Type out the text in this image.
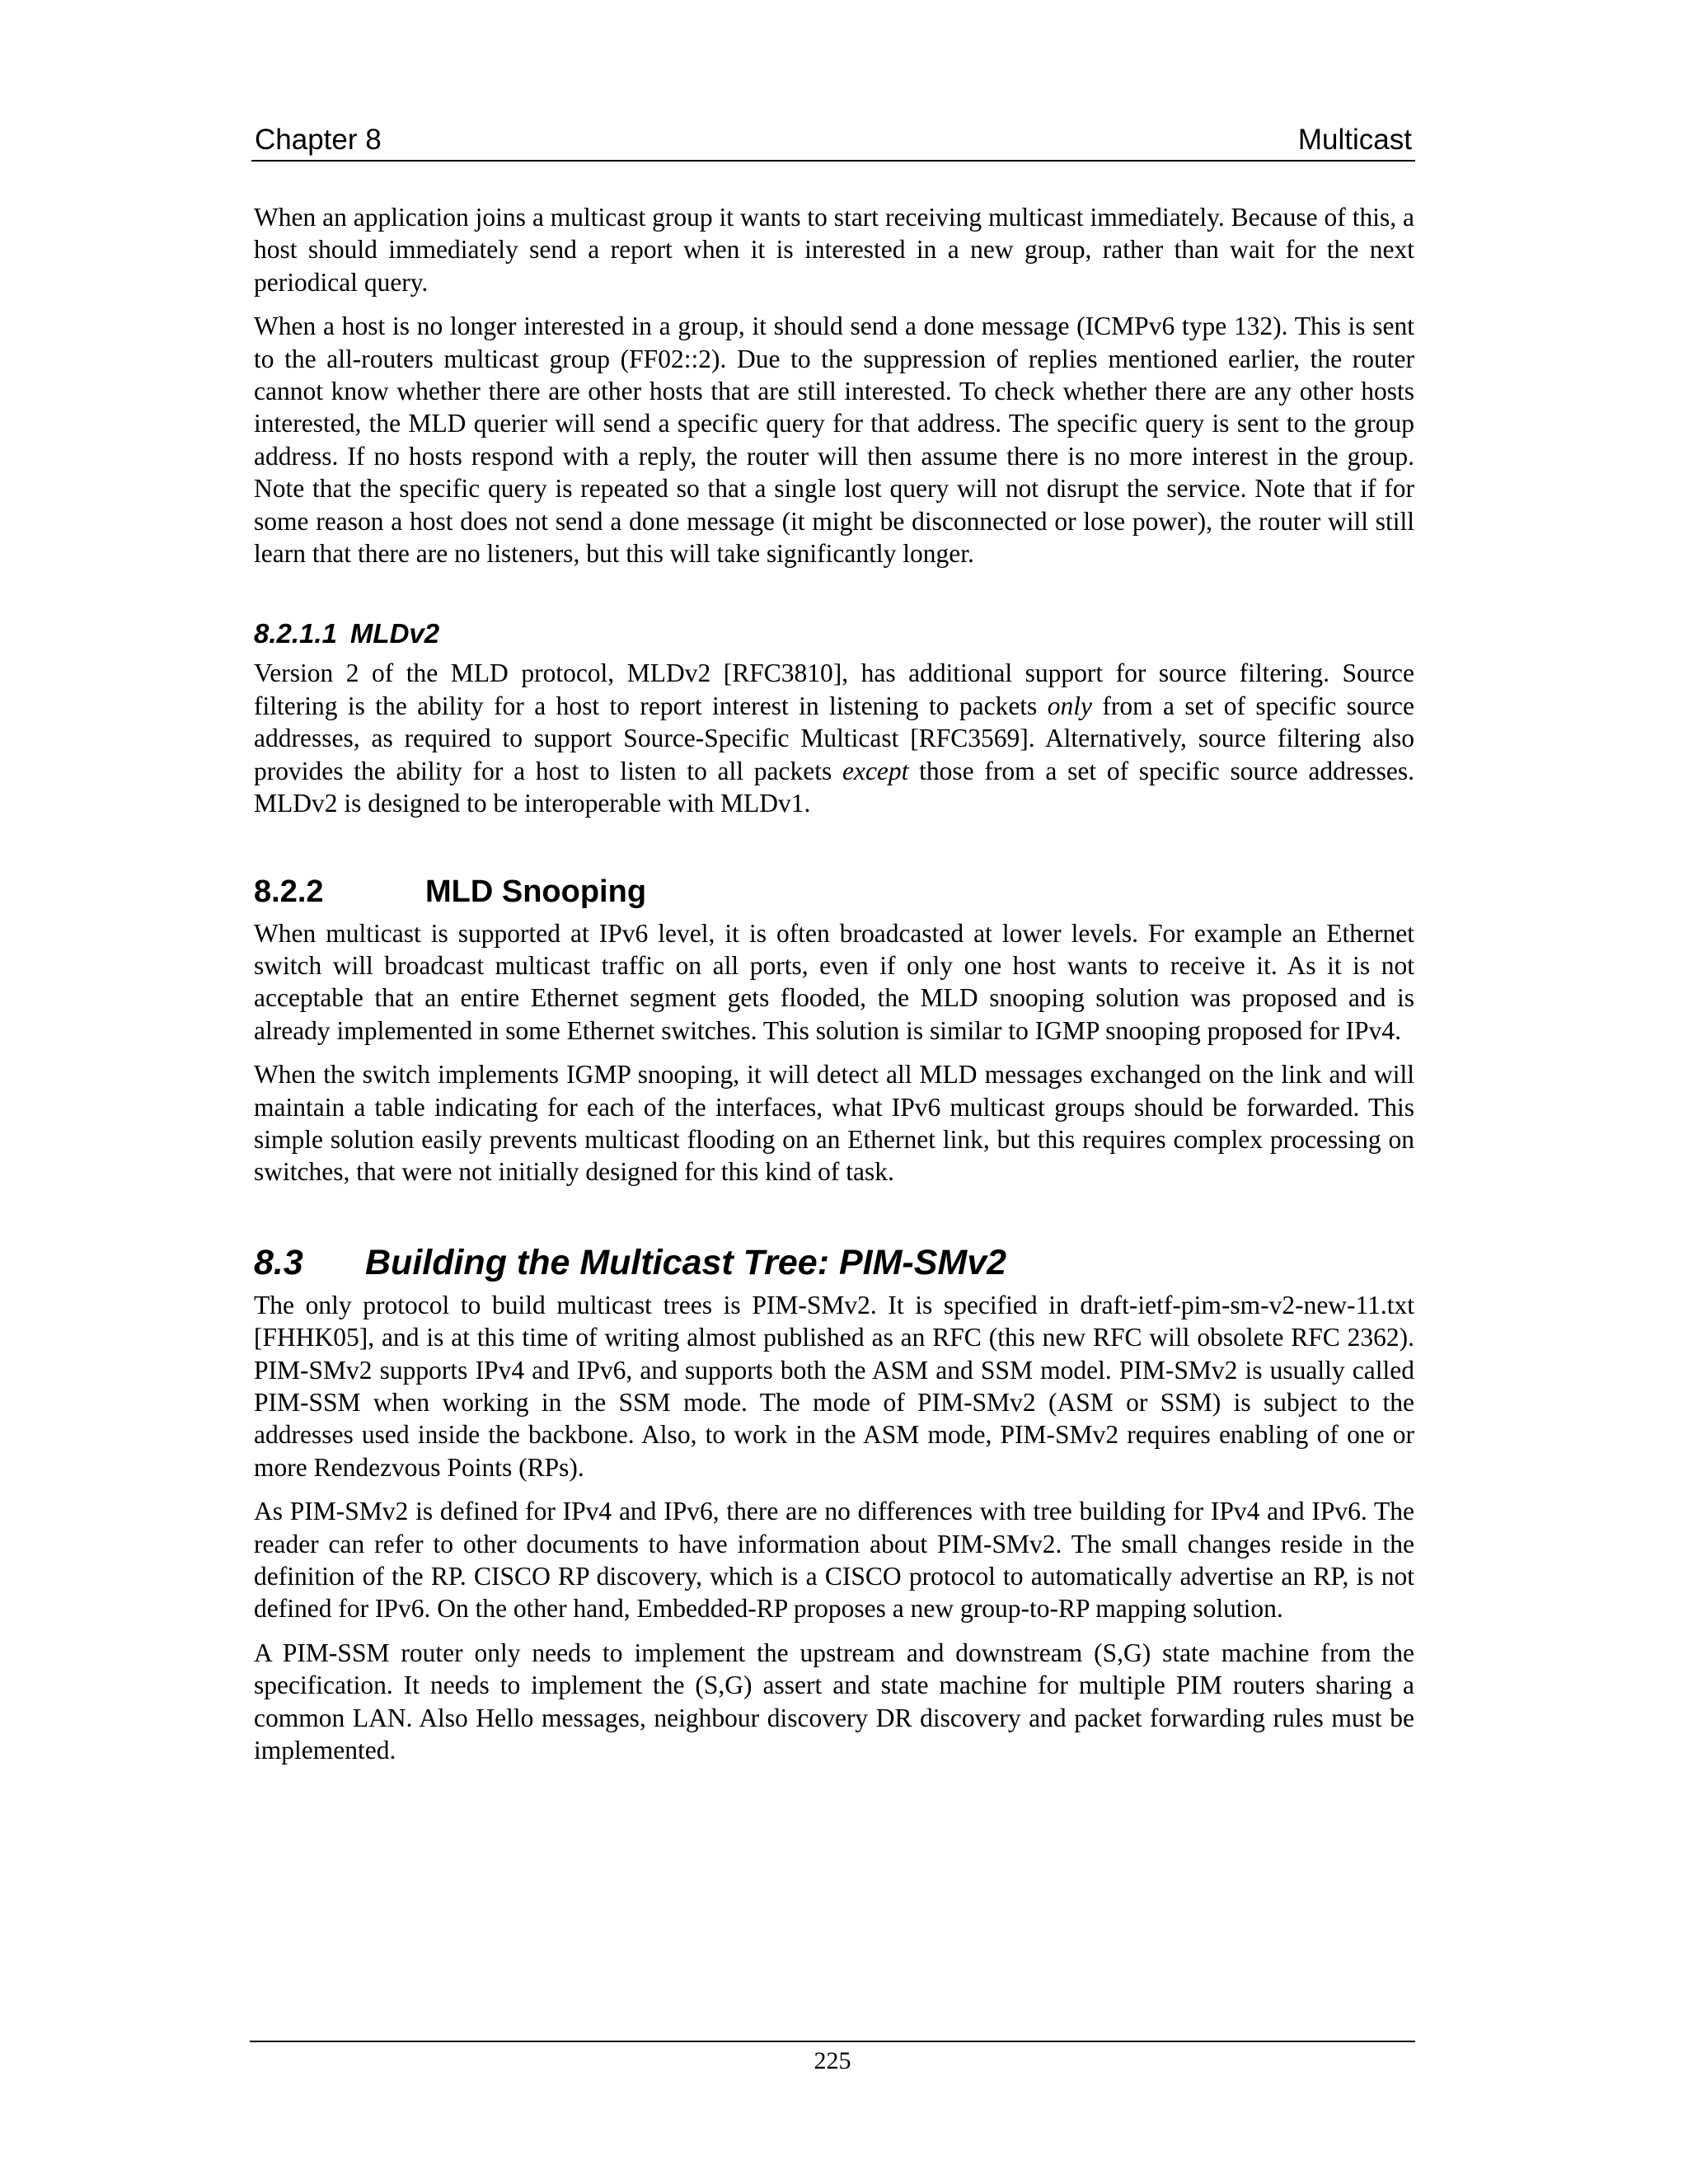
Chapter 8	Multicast

When an application joins a multicast group it wants to start receiving multicast immediately. Because of this, a host should immediately send a report when it is interested in a new group, rather than wait for the next periodical query.

When a host is no longer interested in a group, it should send a done message (ICMPv6 type 132). This is sent to the all-routers multicast group (FF02::2). Due to the suppression of replies mentioned earlier, the router cannot know whether there are other hosts that are still interested. To check whether there are any other hosts interested, the MLD querier will send a specific query for that address. The specific query is sent to the group address. If no hosts respond with a reply, the router will then assume there is no more interest in the group. Note that the specific query is repeated so that a single lost query will not disrupt the service. Note that if for some reason a host does not send a done message (it might be disconnected or lose power), the router will still learn that there are no listeners, but this will take significantly longer.

8.2.1.1 MLDv2

Version 2 of the MLD protocol, MLDv2 [RFC3810], has additional support for source filtering. Source filtering is the ability for a host to report interest in listening to packets only from a set of specific source addresses, as required to support Source-Specific Multicast [RFC3569]. Alternatively, source filtering also provides the ability for a host to listen to all packets except those from a set of specific source addresses. MLDv2 is designed to be interoperable with MLDv1.

8.2.2	MLD Snooping

When multicast is supported at IPv6 level, it is often broadcasted at lower levels. For example an Ethernet switch will broadcast multicast traffic on all ports, even if only one host wants to receive it. As it is not acceptable that an entire Ethernet segment gets flooded, the MLD snooping solution was proposed and is already implemented in some Ethernet switches. This solution is similar to IGMP snooping proposed for IPv4.

When the switch implements IGMP snooping, it will detect all MLD messages exchanged on the link and will maintain a table indicating for each of the interfaces, what IPv6 multicast groups should be forwarded. This simple solution easily prevents multicast flooding on an Ethernet link, but this requires complex processing on switches, that were not initially designed for this kind of task.

8.3 Building the Multicast Tree: PIM-SMv2

The only protocol to build multicast trees is PIM-SMv2. It is specified in draft-ietf-pim-sm-v2-new-11.txt [FHHK05], and is at this time of writing almost published as an RFC (this new RFC will obsolete RFC 2362). PIM-SMv2 supports IPv4 and IPv6, and supports both the ASM and SSM model. PIM-SMv2 is usually called PIM-SSM when working in the SSM mode. The mode of PIM-SMv2 (ASM or SSM) is subject to the addresses used inside the backbone. Also, to work in the ASM mode, PIM-SMv2 requires enabling of one or more Rendezvous Points (RPs).

As PIM-SMv2 is defined for IPv4 and IPv6, there are no differences with tree building for IPv4 and IPv6. The reader can refer to other documents to have information about PIM-SMv2. The small changes reside in the definition of the RP. CISCO RP discovery, which is a CISCO protocol to automatically advertise an RP, is not defined for IPv6. On the other hand, Embedded-RP proposes a new group-to-RP mapping solution.

A PIM-SSM router only needs to implement the upstream and downstream (S,G) state machine from the specification. It needs to implement the (S,G) assert and state machine for multiple PIM routers sharing a common LAN. Also Hello messages, neighbour discovery DR discovery and packet forwarding rules must be implemented.

225
